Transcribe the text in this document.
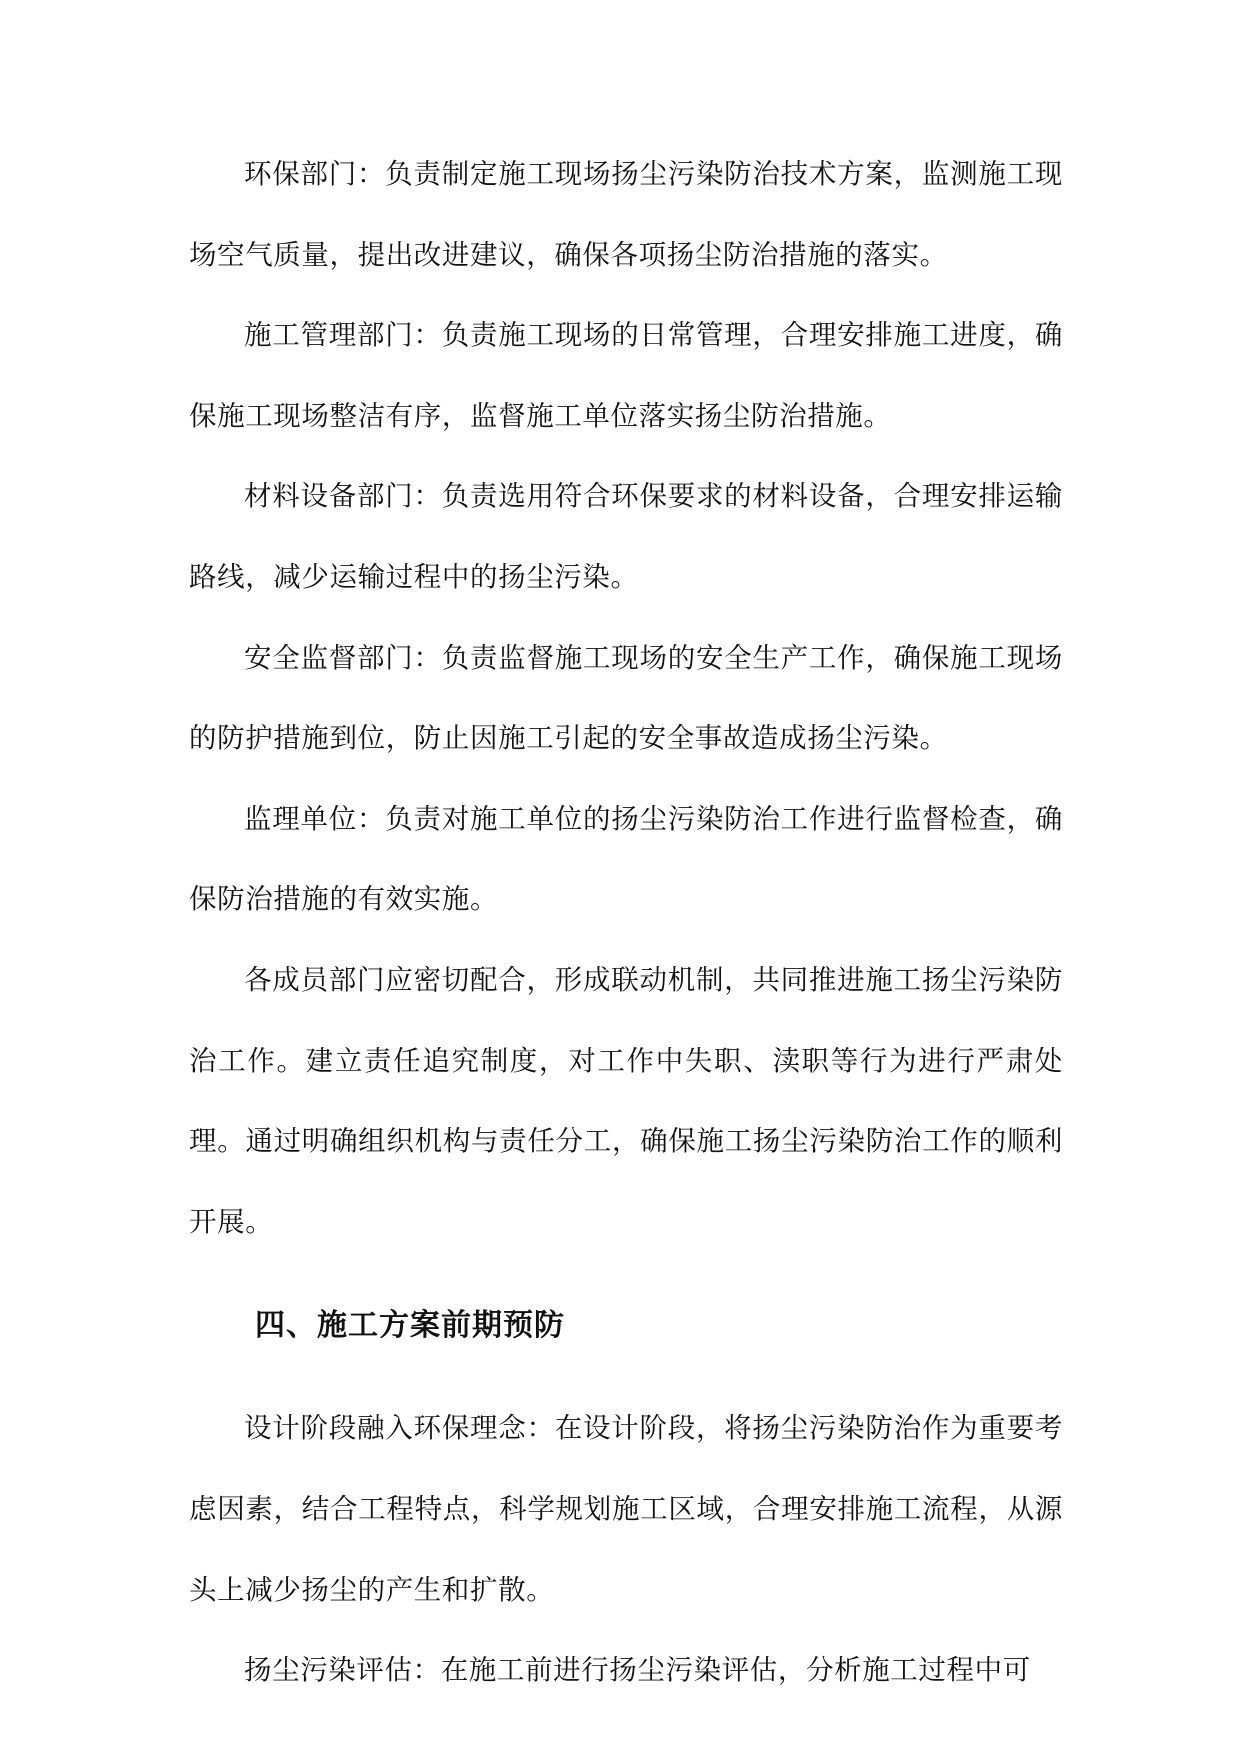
环保部门：负责制定施工现场扬尘污染防治技术方案，监测施工现场空气质量，提出改进建议，确保各项扬尘防治措施的落实。

施工管理部门：负责施工现场的日常管理，合理安排施工进度，确保施工现场整洁有序，监督施工单位落实扬尘防治措施。

材料设备部门：负责选用符合环保要求的材料设备，合理安排运输路线，减少运输过程中的扬尘污染。

安全监督部门：负责监督施工现场的安全生产工作，确保施工现场的防护措施到位，防止因施工引起的安全事故造成扬尘污染。

监理单位：负责对施工单位的扬尘污染防治工作进行监督检查，确保防治措施的有效实施。

各成员部门应密切配合，形成联动机制，共同推进施工扬尘污染防治工作。建立责任追究制度，对工作中失职、渎职等行为进行严肃处理。通过明确组织机构与责任分工，确保施工扬尘污染防治工作的顺利开展。

四、施工方案前期预防

设计阶段融入环保理念：在设计阶段，将扬尘污染防治作为重要考虑因素，结合工程特点，科学规划施工区域，合理安排施工流程，从源头上减少扬尘的产生和扩散。

扬尘污染评估：在施工前进行扬尘污染评估，分析施工过程中可
